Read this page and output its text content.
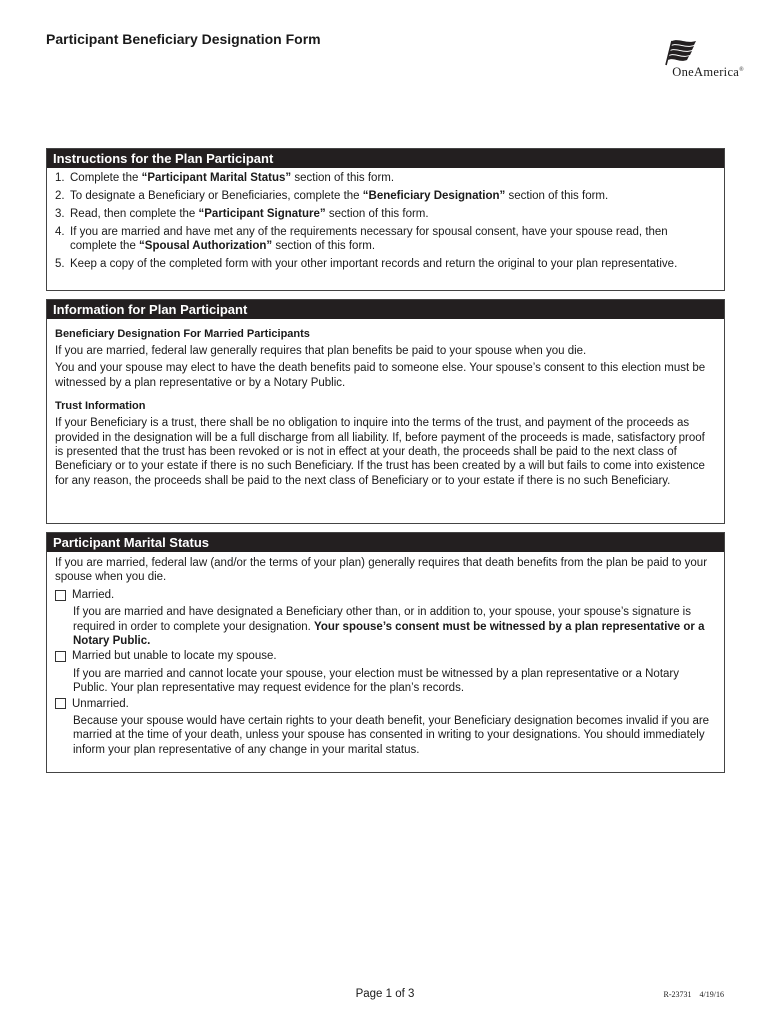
Participant Beneficiary Designation Form
OneAmerica®
Instructions for the Plan Participant
1. Complete the “Participant Marital Status” section of this form.
2. To designate a Beneficiary or Beneficiaries, complete the “Beneficiary Designation” section of this form.
3. Read, then complete the “Participant Signature” section of this form.
4. If you are married and have met any of the requirements necessary for spousal consent, have your spouse read, then complete the “Spousal Authorization” section of this form.
5. Keep a copy of the completed form with your other important records and return the original to your plan representative.
Information for Plan Participant
Beneficiary Designation For Married Participants
If you are married, federal law generally requires that plan benefits be paid to your spouse when you die.
You and your spouse may elect to have the death benefits paid to someone else. Your spouse’s consent to this election must be witnessed by a plan representative or by a Notary Public.
Trust Information
If your Beneficiary is a trust, there shall be no obligation to inquire into the terms of the trust, and payment of the proceeds as provided in the designation will be a full discharge from all liability. If, before payment of the proceeds is made, satisfactory proof is presented that the trust has been revoked or is not in effect at your death, the proceeds shall be paid to the next class of Beneficiary or to your estate if there is no such Beneficiary. If the trust has been created by a will but fails to come into existence for any reason, the proceeds shall be paid to the next class of Beneficiary or to your estate if there is no such Beneficiary.
Participant Marital Status
If you are married, federal law (and/or the terms of your plan) generally requires that death benefits from the plan be paid to your spouse when you die.
Married.
If you are married and have designated a Beneficiary other than, or in addition to, your spouse, your spouse’s signature is required in order to complete your designation. Your spouse’s consent must be witnessed by a plan representative or a Notary Public.
Married but unable to locate my spouse.
If you are married and cannot locate your spouse, your election must be witnessed by a plan representative or a Notary Public. Your plan representative may request evidence for the plan’s records.
Unmarried.
Because your spouse would have certain rights to your death benefit, your Beneficiary designation becomes invalid if you are married at the time of your death, unless your spouse has consented in writing to your designations. You should immediately inform your plan representative of any change in your marital status.
Page 1 of 3	R-23731 4/19/16
